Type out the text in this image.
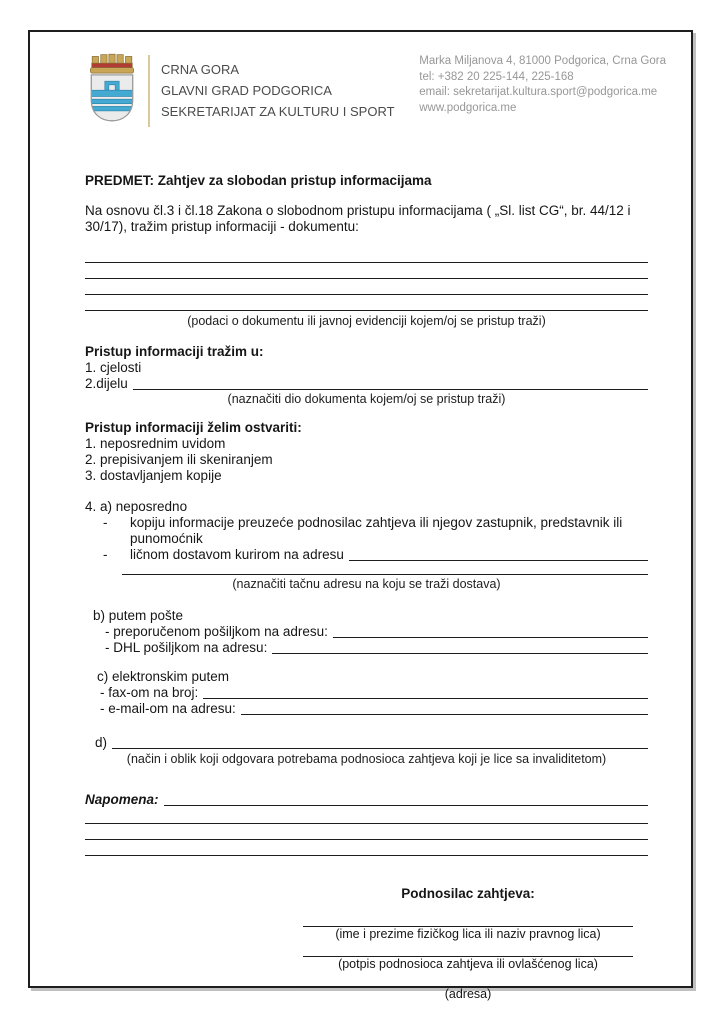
CRNA GORA
GLAVNI GRAD PODGORICA
SEKRETARIJAT ZA KULTURU I SPORT
Marka Miljanova 4, 81000 Podgorica, Crna Gora
tel: +382 20 225-144, 225-168
email: sekretarijat.kultura.sport@podgorica.me
www.podgorica.me
PREDMET: Zahtjev za slobodan pristup informacijama
Na osnovu čl.3 i čl.18 Zakona o slobodnom pristupu informacijama ( „Sl. list CG“, br. 44/12 i 30/17), tražim pristup informaciji - dokumentu:
(podaci o dokumentu ili javnoj evidenciji kojem/oj se pristup traži)
Pristup informaciji tražim u:
1. cjelosti
2.dijelu
(naznačiti dio dokumenta kojem/oj se pristup traži)
Pristup informaciji želim ostvariti:
1. neposrednim uvidom
2. prepisivanjem ili skeniranjem
3. dostavljanjem kopije
4. a) neposredno
- kopiju informacije preuzeće podnosilac zahtjeva ili njegov zastupnik, predstavnik ili punomoćnik
- ličnom dostavom kurirom na adresu
(naznačiti tačnu adresu na koju se traži dostava)
b) putem pošte
- preporučenom pošiljkom na adresu:
- DHL pošiljkom na adresu:
c) elektronskim putem
- fax-om na broj:
- e-mail-om na adresu:
d)
(način i oblik koji odgovara potrebama podnosioca zahtjeva koji je lice sa invaliditetom)
Napomena:
Podnosilac zahtjeva:
(ime i prezime fizičkog lica ili naziv pravnog lica)
(potpis podnosioca zahtjeva ili ovlašćenog lica)
(adresa)
